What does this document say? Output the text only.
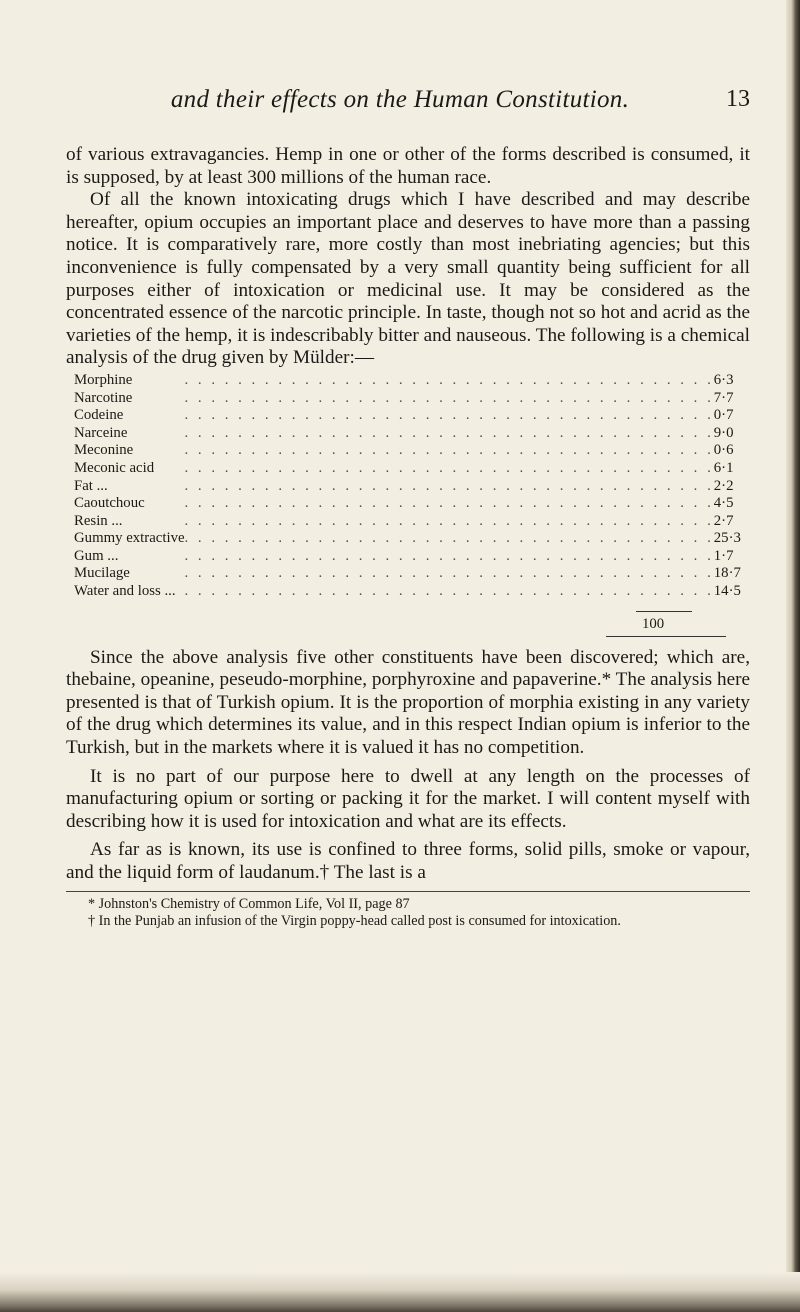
and their effects on the Human Constitution.	13

of various extravagancies. Hemp in one or other of the forms described is consumed, it is supposed, by at least 300 millions of the human race.

Of all the known intoxicating drugs which I have described and may describe hereafter, opium occupies an important place and deserves to have more than a passing notice. It is comparatively rare, more costly than most inebriating agencies; but this inconvenience is fully compensated by a very small quantity being sufficient for all purposes either of intoxication or medicinal use. It may be considered as the concentrated essence of the narcotic principle. In taste, though not so hot and acrid as the varieties of the hemp, it is indescribably bitter and nauseous. The following is a chemical analysis of the drug given by Mülder:—

Morphine	. . . . . . . . . . . . . . . . . . . . . . . . . . . . . . . . . . . . . . . .	6·3
Narcotine	. . . . . . . . . . . . . . . . . . . . . . . . . . . . . . . . . . . . . . . .	7·7
Codeine	. . . . . . . . . . . . . . . . . . . . . . . . . . . . . . . . . . . . . . . .	0·7
Narceine	. . . . . . . . . . . . . . . . . . . . . . . . . . . . . . . . . . . . . . . .	9·0
Meconine	. . . . . . . . . . . . . . . . . . . . . . . . . . . . . . . . . . . . . . . .	0·6
Meconic acid	. . . . . . . . . . . . . . . . . . . . . . . . . . . . . . . . . . . . . . . .	6·1
Fat ...	. . . . . . . . . . . . . . . . . . . . . . . . . . . . . . . . . . . . . . . .	2·2
Caoutchouc	. . . . . . . . . . . . . . . . . . . . . . . . . . . . . . . . . . . . . . . .	4·5
Resin ...	. . . . . . . . . . . . . . . . . . . . . . . . . . . . . . . . . . . . . . . .	2·7
Gummy extractive	. . . . . . . . . . . . . . . . . . . . . . . . . . . . . . . . . . . . . . . .	25·3
Gum ...	. . . . . . . . . . . . . . . . . . . . . . . . . . . . . . . . . . . . . . . .	1·7
Mucilage	. . . . . . . . . . . . . . . . . . . . . . . . . . . . . . . . . . . . . . . .	18·7
Water and loss ...	. . . . . . . . . . . . . . . . . . . . . . . . . . . . . . . . . . . . . . . .	14·5
100

Since the above analysis five other constituents have been discovered; which are, thebaine, opeanine, peseudo-morphine, porphyroxine and papaverine.* The analysis here presented is that of Turkish opium. It is the proportion of morphia existing in any variety of the drug which determines its value, and in this respect Indian opium is inferior to the Turkish, but in the markets where it is valued it has no competition.

It is no part of our purpose here to dwell at any length on the processes of manufacturing opium or sorting or packing it for the market. I will content myself with describing how it is used for intoxication and what are its effects.

As far as is known, its use is confined to three forms, solid pills, smoke or vapour, and the liquid form of laudanum.† The last is a

* Johnston's Chemistry of Common Life, Vol II, page 87
† In the Punjab an infusion of the Virgin poppy-head called post is consumed for intoxication.
